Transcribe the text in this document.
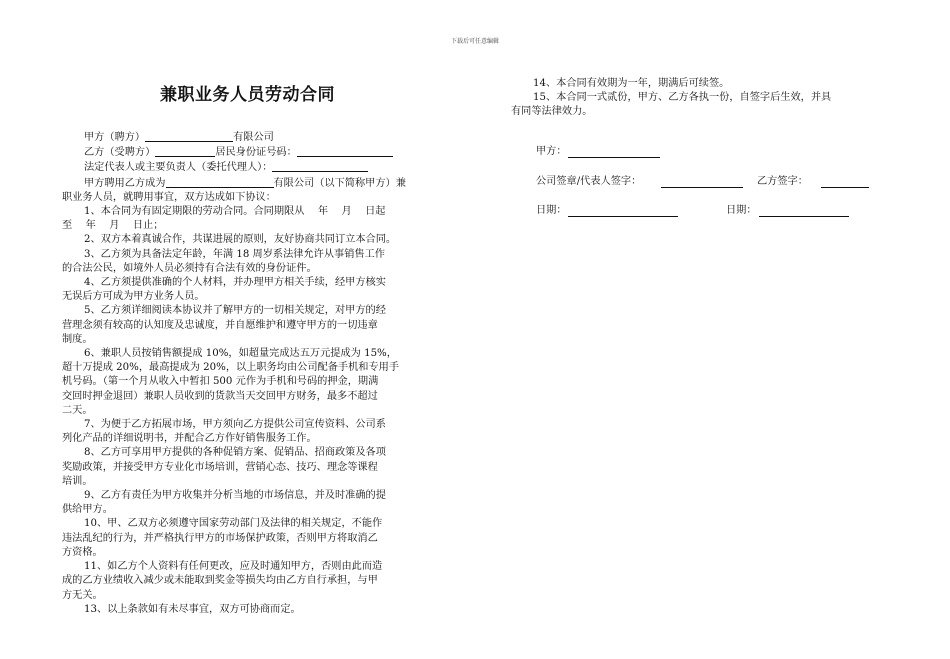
下载后可任意编辑
兼职业务人员劳动合同

甲方（聘方）	有限公司

乙方（受聘方）	居民身份证号码：

法定代表人或主要负责人（委托代理人）：

甲方聘用乙方成为	有限公司（以下简称甲方）兼

职业务人员，就聘用事宜，双方达成如下协议：

1、本合同为有固定期限的劳动合同。合同期限从　 年　 月　 日起

至　 年　 月　 日止；

2、双方本着真诚合作，共谋进展的原则，友好协商共同订立本合同。

3、乙方须为具备法定年龄，年满 18 周岁系法律允许从事销售工作

的合法公民，如境外人员必须持有合法有效的身份证件。

4、乙方须提供准确的个人材料，并办理甲方相关手续，经甲方核实

无误后方可成为甲方业务人员。

5、乙方须详细阅读本协议并了解甲方的一切相关规定，对甲方的经

营理念须有较高的认知度及忠诚度，并自愿维护和遵守甲方的一切违章

制度。

6、兼职人员按销售额提成 10%，如超量完成达五万元提成为 15%，

超十万提成 20%，最高提成为 20%，以上职务均由公司配备手机和专用手

机号码。（第一个月从收入中暂扣 500 元作为手机和号码的押金，期满

交回时押金退回）兼职人员收到的货款当天交回甲方财务，最多不超过

二天。

7、为便于乙方拓展市场，甲方须向乙方提供公司宣传资料、公司系

列化产品的详细说明书，并配合乙方作好销售服务工作。

8、乙方可享用甲方提供的各种促销方案、促销品、招商政策及各项

奖励政策，并接受甲方专业化市场培训，营销心态、技巧、理念等课程

培训。

9、乙方有责任为甲方收集并分析当地的市场信息，并及时准确的提

供给甲方。

10、甲、乙双方必须遵守国家劳动部门及法律的相关规定，不能作

违法乱纪的行为，并严格执行甲方的市场保护政策，否则甲方将取消乙

方资格。

11、如乙方个人资料有任何更改，应及时通知甲方，否则由此而造

成的乙方业绩收入减少或未能取到奖金等损失均由乙方自行承担，与甲

方无关。

13、以上条款如有未尽事宜，双方可协商而定。

14、本合同有效期为一年，期满后可续签。

15、本合同一式贰份，甲方、乙方各执一份，自签字后生效，并具

有同等法律效力。

甲方：

公司签章/代表人签字：	乙方签字：

日期：	日期：
